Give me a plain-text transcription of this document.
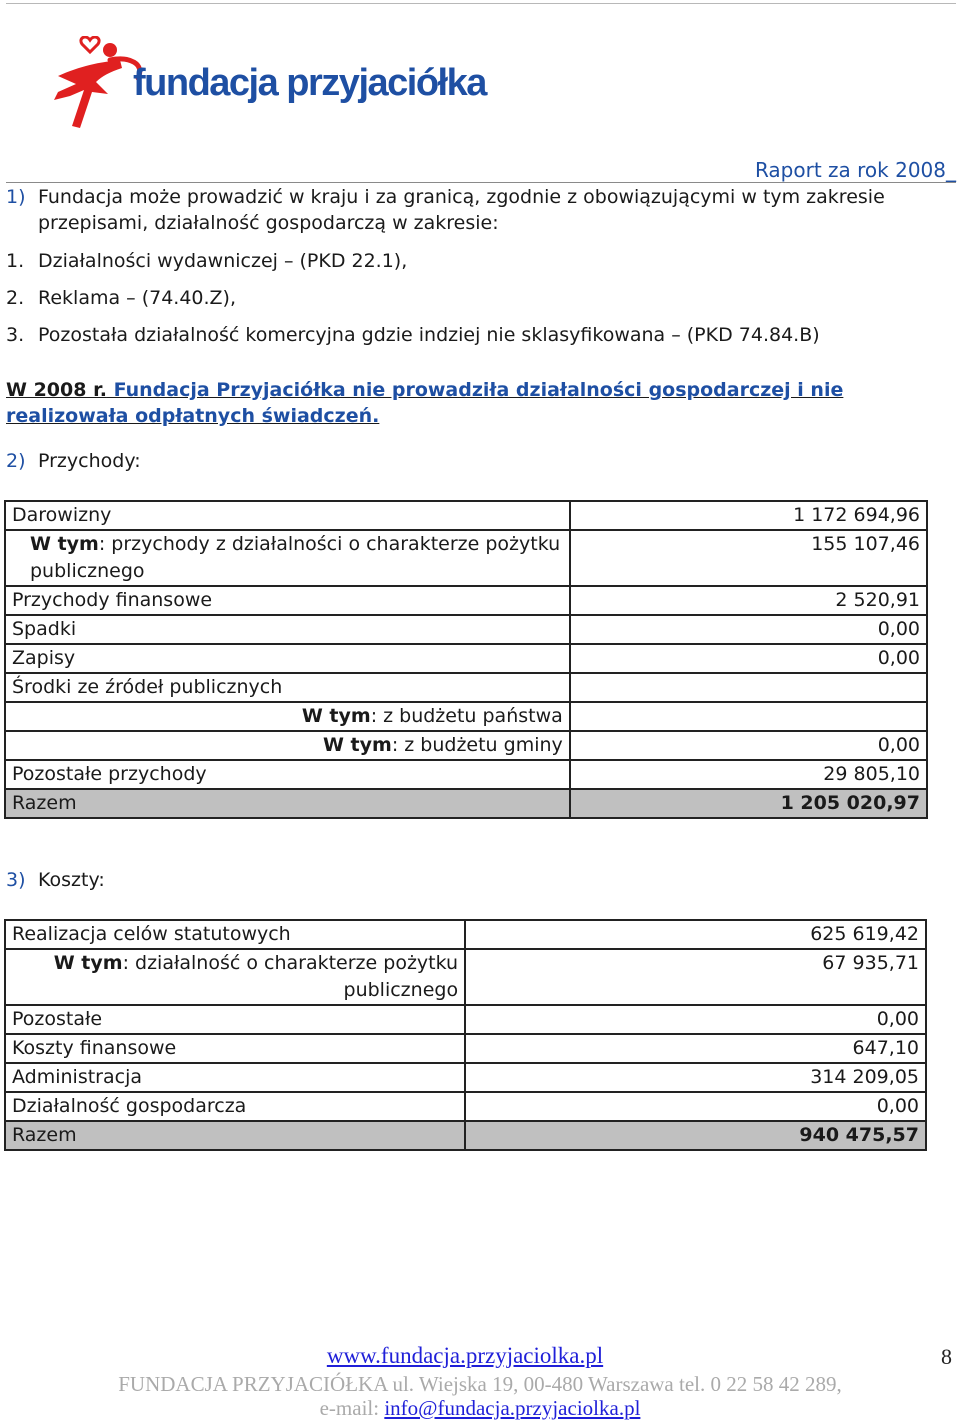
fundacja przyjaciółka
Raport za rok 2008_
1) Fundacja może prowadzić w kraju i za granicą, zgodnie z obowiązującymi w tym zakresie
przepisami, działalność gospodarczą w zakresie:
1. Działalności wydawniczej – (PKD 22.1),
2. Reklama – (74.40.Z),
3. Pozostała działalność komercyjna gdzie indziej nie sklasyfikowana – (PKD 74.84.B)
W 2008 r. Fundacja Przyjaciółka nie prowadziła działalności gospodarczej i nie
realizowała odpłatnych świadczeń.
2) Przychody:
Darowizny	1 172 694,96

W tym: przychody z działalności o charakterze pożytku
publicznego	155 107,46
Przychody finansowe	2 520,91
Spadki	0,00
Zapisy	0,00
Środki ze źródeł publicznych	
W tym: z budżetu państwa	
W tym: z budżetu gminy	0,00
Pozostałe przychody	29 805,10
Razem	1 205 020,97
3) Koszty:
Realizacja celów statutowych	625 619,42

W tym: działalność o charakterze pożytku
publicznego	67 935,71
Pozostałe	0,00
Koszty finansowe	647,10
Administracja	314 209,05
Działalność gospodarcza	0,00
Razem	940 475,57
www.fundacja.przyjaciolka.pl	8
FUNDACJA PRZYJACIÓŁKA ul. Wiejska 19, 00-480 Warszawa tel. 0 22 58 42 289,
e-mail: info@fundacja.przyjaciolka.pl
